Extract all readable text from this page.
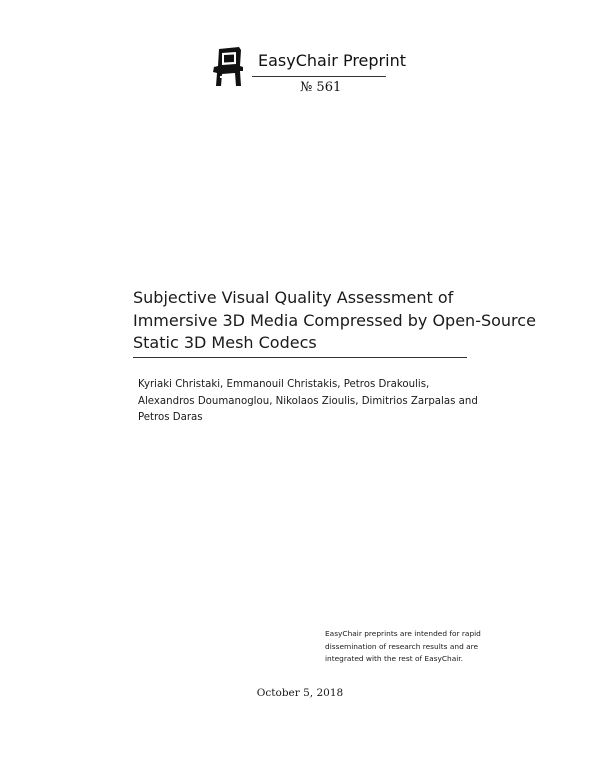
EasyChair Preprint
№ 561
Subjective Visual Quality Assessment of
Immersive 3D Media Compressed by Open-Source
Static 3D Mesh Codecs
Kyriaki Christaki, Emmanouil Christakis, Petros Drakoulis,
Alexandros Doumanoglou, Nikolaos Zioulis, Dimitrios Zarpalas and
Petros Daras
EasyChair preprints are intended for rapid
dissemination of research results and are
integrated with the rest of EasyChair.
October 5, 2018
